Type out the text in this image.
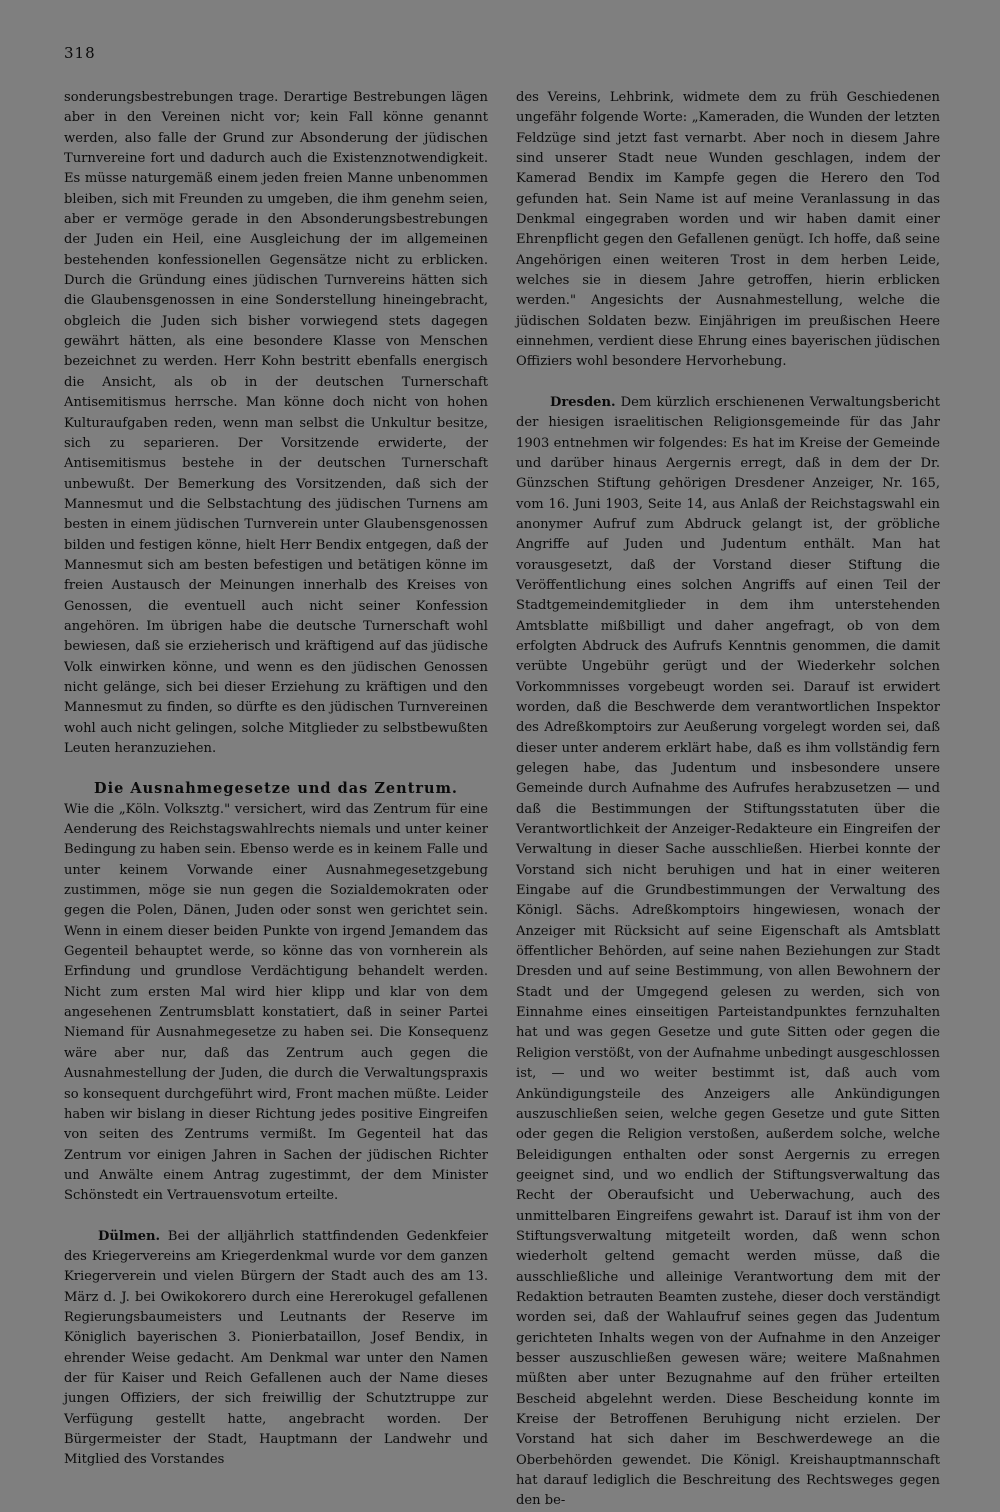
318

sonderungsbestrebungen trage. Derartige Bestrebungen lägen aber in den Vereinen nicht vor; kein Fall könne genannt werden, also falle der Grund zur Absonderung der jüdischen Turnvereine fort und dadurch auch die Existenznotwendigkeit. Es müsse naturgemäß einem jeden freien Manne unbenommen bleiben, sich mit Freunden zu umgeben, die ihm genehm seien, aber er vermöge gerade in den Absonderungsbestrebungen der Juden ein Heil, eine Ausgleichung der im allgemeinen bestehenden konfessionellen Gegensätze nicht zu erblicken. Durch die Gründung eines jüdischen Turnvereins hätten sich die Glaubensgenossen in eine Sonderstellung hineingebracht, obgleich die Juden sich bisher vorwiegend stets dagegen gewährt hätten, als eine besondere Klasse von Menschen bezeichnet zu werden. Herr Kohn bestritt ebenfalls energisch die Ansicht, als ob in der deutschen Turnerschaft Antisemitismus herrsche. Man könne doch nicht von hohen Kulturaufgaben reden, wenn man selbst die Unkultur besitze, sich zu separieren. Der Vorsitzende erwiderte, der Antisemitismus bestehe in der deutschen Turnerschaft unbewußt. Der Bemerkung des Vorsitzenden, daß sich der Mannesmut und die Selbstachtung des jüdischen Turnens am besten in einem jüdischen Turnverein unter Glaubensgenossen bilden und festigen könne, hielt Herr Bendix entgegen, daß der Mannesmut sich am besten befestigen und betätigen könne im freien Austausch der Meinungen innerhalb des Kreises von Genossen, die eventuell auch nicht seiner Konfession angehören. Im übrigen habe die deutsche Turnerschaft wohl bewiesen, daß sie erzieherisch und kräftigend auf das jüdische Volk einwirken könne, und wenn es den jüdischen Genossen nicht gelänge, sich bei dieser Erziehung zu kräftigen und den Mannesmut zu finden, so dürfte es den jüdischen Turnvereinen wohl auch nicht gelingen, solche Mitglieder zu selbstbewußten Leuten heranzuziehen.

Die Ausnahmegesetze und das Zentrum.

Wie die „Köln. Volksztg." versichert, wird das Zentrum für eine Aenderung des Reichstagswahlrechts niemals und unter keiner Bedingung zu haben sein. Ebenso werde es in keinem Falle und unter keinem Vorwande einer Ausnahmegesetzgebung zustimmen, möge sie nun gegen die Sozialdemokraten oder gegen die Polen, Dänen, Juden oder sonst wen gerichtet sein. Wenn in einem dieser beiden Punkte von irgend Jemandem das Gegenteil behauptet werde, so könne das von vornherein als Erfindung und grundlose Verdächtigung behandelt werden. Nicht zum ersten Mal wird hier klipp und klar von dem angesehenen Zentrumsblatt konstatiert, daß in seiner Partei Niemand für Ausnahmegesetze zu haben sei. Die Konsequenz wäre aber nur, daß das Zentrum auch gegen die Ausnahmestellung der Juden, die durch die Verwaltungspraxis so konsequent durchgeführt wird, Front machen müßte. Leider haben wir bislang in dieser Richtung jedes positive Eingreifen von seiten des Zentrums vermißt. Im Gegenteil hat das Zentrum vor einigen Jahren in Sachen der jüdischen Richter und Anwälte einem Antrag zugestimmt, der dem Minister Schönstedt ein Vertrauensvotum erteilte.

Dülmen. Bei der alljährlich stattfindenden Gedenkfeier des Kriegervereins am Kriegerdenkmal wurde vor dem ganzen Kriegerverein und vielen Bürgern der Stadt auch des am 13. März d. J. bei Owikokorero durch eine Hererokugel gefallenen Regierungsbaumeisters und Leutnants der Reserve im Königlich bayerischen 3. Pionierbataillon, Josef Bendix, in ehrender Weise gedacht. Am Denkmal war unter den Namen der für Kaiser und Reich Gefallenen auch der Name dieses jungen Offiziers, der sich freiwillig der Schutztruppe zur Verfügung gestellt hatte, angebracht worden. Der Bürgermeister der Stadt, Hauptmann der Landwehr und Mitglied des Vorstandes

des Vereins, Lehbrink, widmete dem zu früh Geschiedenen ungefähr folgende Worte: „Kameraden, die Wunden der letzten Feldzüge sind jetzt fast vernarbt. Aber noch in diesem Jahre sind unserer Stadt neue Wunden geschlagen, indem der Kamerad Bendix im Kampfe gegen die Herero den Tod gefunden hat. Sein Name ist auf meine Veranlassung in das Denkmal eingegraben worden und wir haben damit einer Ehrenpflicht gegen den Gefallenen genügt. Ich hoffe, daß seine Angehörigen einen weiteren Trost in dem herben Leide, welches sie in diesem Jahre getroffen, hierin erblicken werden." Angesichts der Ausnahmestellung, welche die jüdischen Soldaten bezw. Einjährigen im preußischen Heere einnehmen, verdient diese Ehrung eines bayerischen jüdischen Offiziers wohl besondere Hervorhebung.

Dresden. Dem kürzlich erschienenen Verwaltungsbericht der hiesigen israelitischen Religionsgemeinde für das Jahr 1903 entnehmen wir folgendes: Es hat im Kreise der Gemeinde und darüber hinaus Aergernis erregt, daß in dem der Dr. Günzschen Stiftung gehörigen Dresdener Anzeiger, Nr. 165, vom 16. Juni 1903, Seite 14, aus Anlaß der Reichstagswahl ein anonymer Aufruf zum Abdruck gelangt ist, der gröbliche Angriffe auf Juden und Judentum enthält. Man hat vorausgesetzt, daß der Vorstand dieser Stiftung die Veröffentlichung eines solchen Angriffs auf einen Teil der Stadtgemeindemitglieder in dem ihm unterstehenden Amtsblatte mißbilligt und daher angefragt, ob von dem erfolgten Abdruck des Aufrufs Kenntnis genommen, die damit verübte Ungebühr gerügt und der Wiederkehr solchen Vorkommnisses vorgebeugt worden sei. Darauf ist erwidert worden, daß die Beschwerde dem verantwortlichen Inspektor des Adreßkomptoirs zur Aeußerung vorgelegt worden sei, daß dieser unter anderem erklärt habe, daß es ihm vollständig fern gelegen habe, das Judentum und insbesondere unsere Gemeinde durch Aufnahme des Aufrufes herabzusetzen — und daß die Bestimmungen der Stiftungsstatuten über die Verantwortlichkeit der Anzeiger-Redakteure ein Eingreifen der Verwaltung in dieser Sache ausschließen. Hierbei konnte der Vorstand sich nicht beruhigen und hat in einer weiteren Eingabe auf die Grundbestimmungen der Verwaltung des Königl. Sächs. Adreßkomptoirs hingewiesen, wonach der Anzeiger mit Rücksicht auf seine Eigenschaft als Amtsblatt öffentlicher Behörden, auf seine nahen Beziehungen zur Stadt Dresden und auf seine Bestimmung, von allen Bewohnern der Stadt und der Umgegend gelesen zu werden, sich von Einnahme eines einseitigen Parteistandpunktes fernzuhalten hat und was gegen Gesetze und gute Sitten oder gegen die Religion verstößt, von der Aufnahme unbedingt ausgeschlossen ist, — und wo weiter bestimmt ist, daß auch vom Ankündigungsteile des Anzeigers alle Ankündigungen auszuschließen seien, welche gegen Gesetze und gute Sitten oder gegen die Religion verstoßen, außerdem solche, welche Beleidigungen enthalten oder sonst Aergernis zu erregen geeignet sind, und wo endlich der Stiftungsverwaltung das Recht der Oberaufsicht und Ueberwachung, auch des unmittelbaren Eingreifens gewahrt ist. Darauf ist ihm von der Stiftungsverwaltung mitgeteilt worden, daß wenn schon wiederholt geltend gemacht werden müsse, daß die ausschließliche und alleinige Verantwortung dem mit der Redaktion betrauten Beamten zustehe, dieser doch verständigt worden sei, daß der Wahlaufruf seines gegen das Judentum gerichteten Inhalts wegen von der Aufnahme in den Anzeiger besser auszuschließen gewesen wäre; weitere Maßnahmen müßten aber unter Bezugnahme auf den früher erteilten Bescheid abgelehnt werden. Diese Bescheidung konnte im Kreise der Betroffenen Beruhigung nicht erzielen. Der Vorstand hat sich daher im Beschwerdewege an die Oberbehörden gewendet. Die Königl. Kreishauptmannschaft hat darauf lediglich die Beschreitung des Rechtsweges gegen den be-
